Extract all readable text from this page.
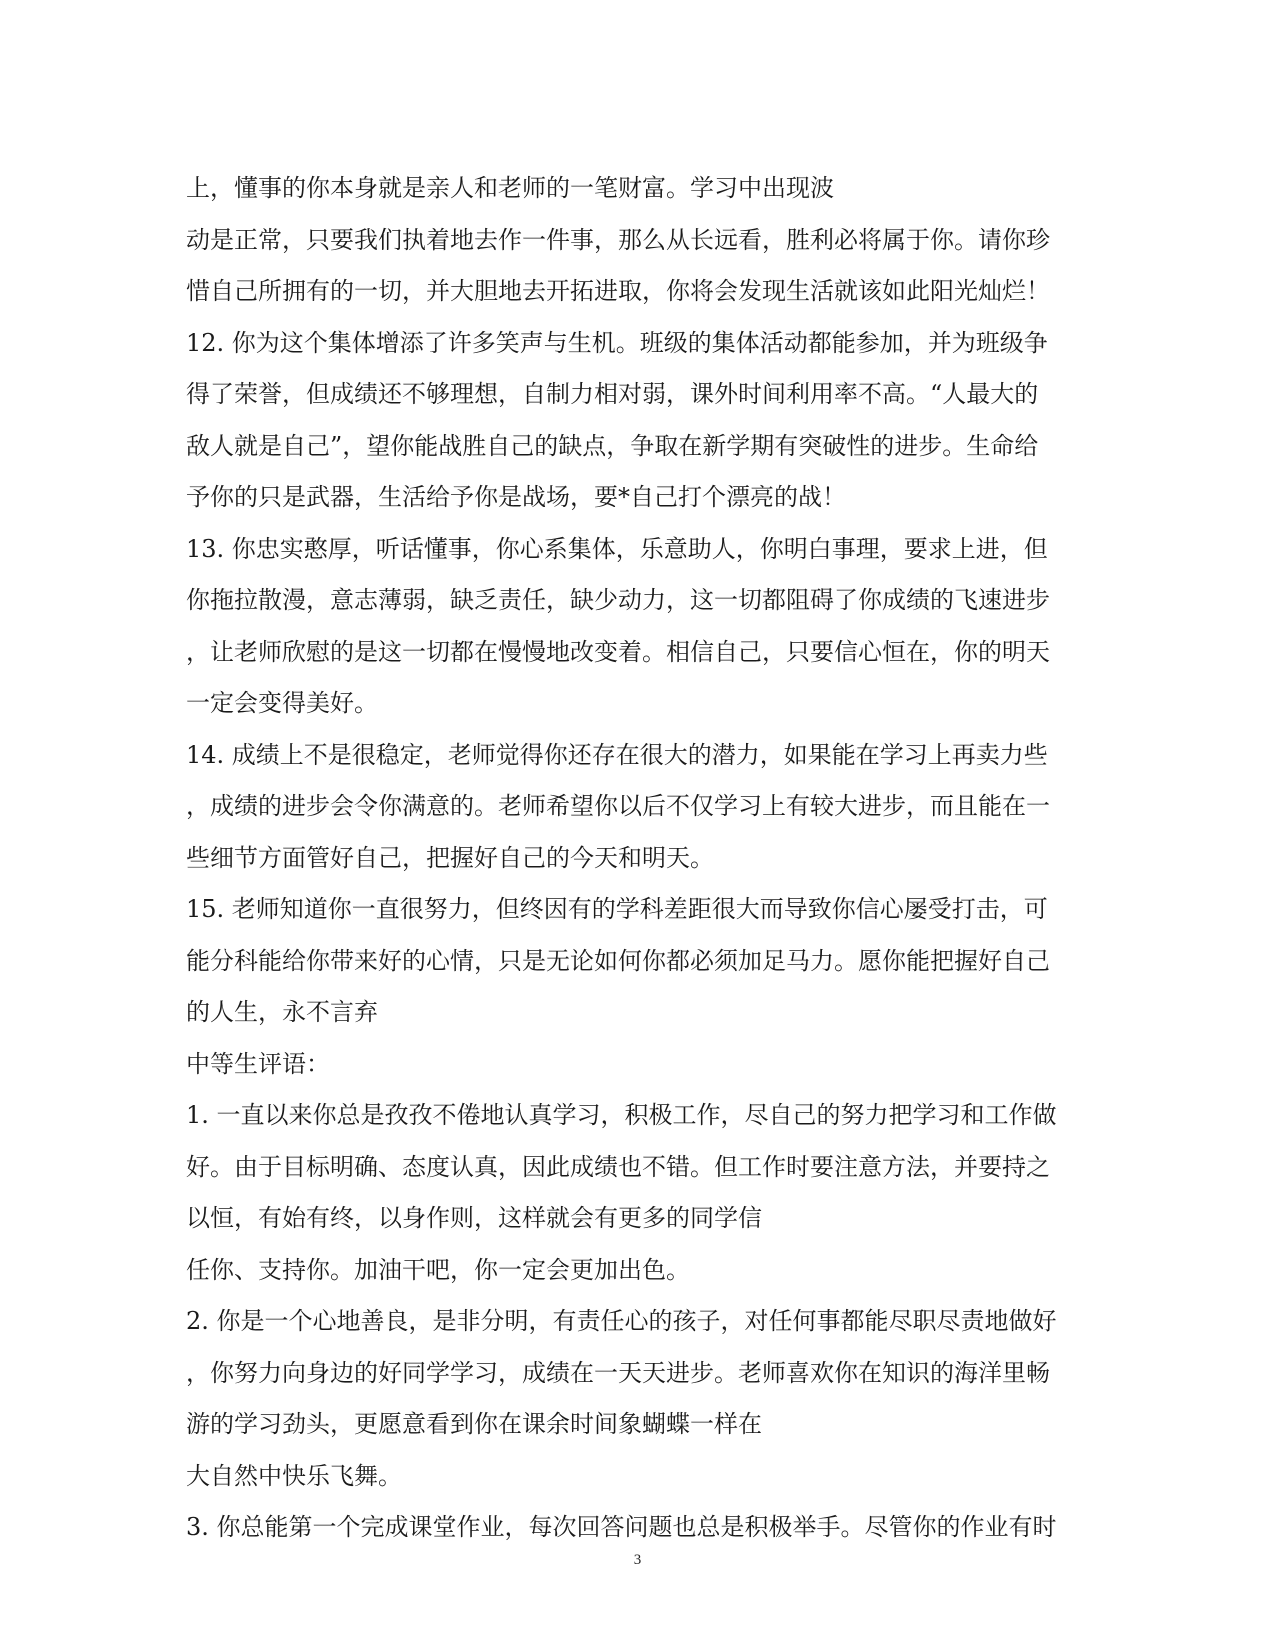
上，懂事的你本身就是亲人和老师的一笔财富。学习中出现波
动是正常，只要我们执着地去作一件事，那么从长远看，胜利必将属于你。请你珍
惜自己所拥有的一切，并大胆地去开拓进取，你将会发现生活就该如此阳光灿烂！
12. 你为这个集体增添了许多笑声与生机。班级的集体活动都能参加，并为班级争
得了荣誉，但成绩还不够理想，自制力相对弱，课外时间利用率不高。“人最大的
敌人就是自己”，望你能战胜自己的缺点，争取在新学期有突破性的进步。生命给
予你的只是武器，生活给予你是战场，要*自己打个漂亮的战！
13. 你忠实憨厚，听话懂事，你心系集体，乐意助人，你明白事理，要求上进，但
你拖拉散漫，意志薄弱，缺乏责任，缺少动力，这一切都阻碍了你成绩的飞速进步
，让老师欣慰的是这一切都在慢慢地改变着。相信自己，只要信心恒在，你的明天
一定会变得美好。
14. 成绩上不是很稳定，老师觉得你还存在很大的潜力，如果能在学习上再卖力些
，成绩的进步会令你满意的。老师希望你以后不仅学习上有较大进步，而且能在一
些细节方面管好自己，把握好自己的今天和明天。
15. 老师知道你一直很努力，但终因有的学科差距很大而导致你信心屡受打击，可
能分科能给你带来好的心情，只是无论如何你都必须加足马力。愿你能把握好自己
的人生，永不言弃
中等生评语：
1. 一直以来你总是孜孜不倦地认真学习，积极工作，尽自己的努力把学习和工作做
好。由于目标明确、态度认真，因此成绩也不错。但工作时要注意方法，并要持之
以恒，有始有终，以身作则，这样就会有更多的同学信
任你、支持你。加油干吧，你一定会更加出色。
2. 你是一个心地善良，是非分明，有责任心的孩子，对任何事都能尽职尽责地做好
，你努力向身边的好同学学习，成绩在一天天进步。老师喜欢你在知识的海洋里畅
游的学习劲头，更愿意看到你在课余时间象蝴蝶一样在
大自然中快乐飞舞。
3. 你总能第一个完成课堂作业，每次回答问题也总是积极举手。尽管你的作业有时
3
